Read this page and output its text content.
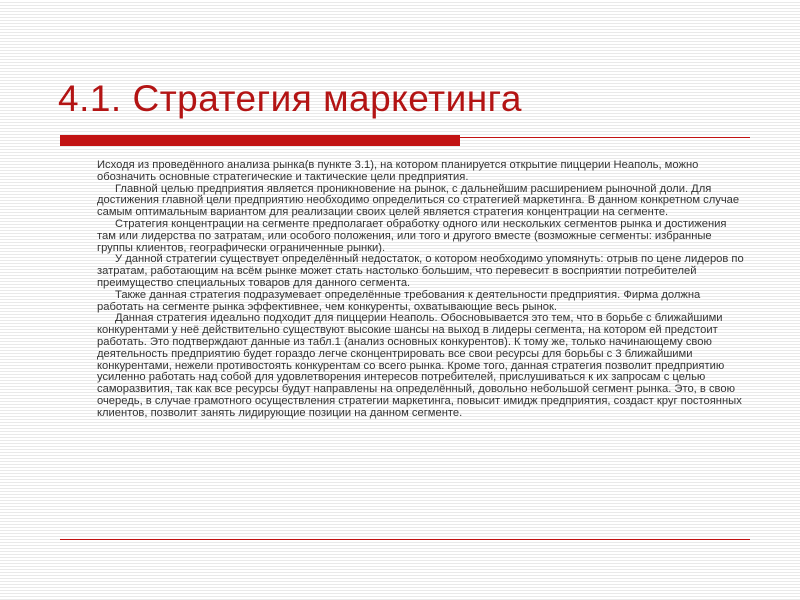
4.1. Стратегия маркетинга

Исходя из проведённого анализа рынка(в пункте 3.1), на котором планируется открытие пиццерии Неаполь, можно обозначить основные стратегические и тактические цели предприятия.

Главной целью предприятия является проникновение на рынок, с дальнейшим расширением рыночной доли. Для достижения главной цели предприятию необходимо определиться со стратегией маркетинга. В данном конкретном случае самым оптимальным вариантом для реализации своих целей является стратегия концентрации на сегменте.

Стратегия концентрации на сегменте предполагает обработку одного или нескольких сегментов рынка и достижения там или лидерства по затратам, или особого положения, или того и другого вместе (возможные сегменты: избранные группы клиентов, географически ограниченные рынки).

У данной стратегии существует определённый недостаток, о котором необходимо упомянуть: отрыв по цене лидеров по затратам, работающим на всём рынке может стать настолько большим, что перевесит в восприятии потребителей преимущество специальных товаров для данного сегмента.

Также данная стратегия подразумевает определённые требования к деятельности предприятия. Фирма должна работать на сегменте рынка эффективнее, чем конкуренты, охватывающие весь рынок.

Данная стратегия идеально подходит для пиццерии Неаполь. Обосновывается это тем, что в борьбе с ближайшими конкурентами у неё действительно существуют высокие шансы на выход в лидеры сегмента, на котором ей предстоит работать. Это подтверждают данные из табл.1 (анализ основных конкурентов). К тому же, только начинающему свою деятельность предприятию будет гораздо легче сконцентрировать все свои ресурсы для борьбы с 3 ближайшими конкурентами, нежели противостоять конкурентам со всего рынка. Кроме того, данная стратегия позволит предприятию усиленно работать над собой для удовлетворения интересов потребителей, прислушиваться к их запросам с целью саморазвития, так как все ресурсы будут направлены на определённый, довольно небольшой сегмент рынка. Это, в свою очередь, в случае грамотного осуществления стратегии маркетинга, повысит имидж предприятия, создаст круг постоянных клиентов, позволит занять лидирующие позиции на данном сегменте.
